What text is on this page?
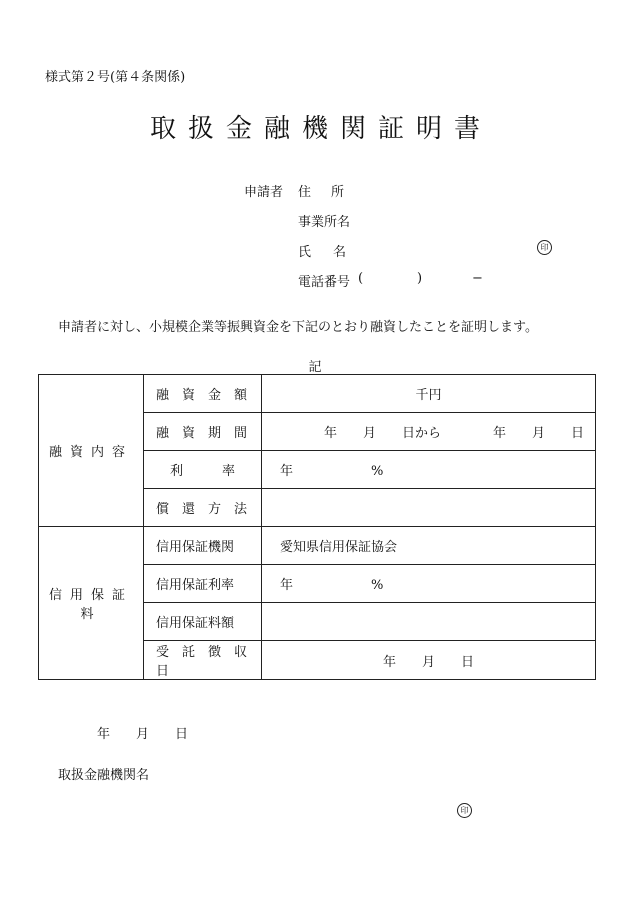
様式第２号(第４条関係)
取扱金融機関証明書
申請者 住所
事業所名
氏名	印
電話番号 (	)	−
申請者に対し、小規模企業等振興資金を下記のとおり融資したことを証明します。
記
融資内容	融　資　金　額	千円
	融　資　期　間	年　　月　　日から　　　　年　　月　　日
	利　　　率	年　　　　　　%
	償　還　方　法	
信用保証料	信用保証機関	愛知県信用保証協会
	信用保証利率	年　　　　　　%
	信用保証料額	
	受　託　徴　収　日	年　　月　　日
年　　月　　日
取扱金融機関名
印
